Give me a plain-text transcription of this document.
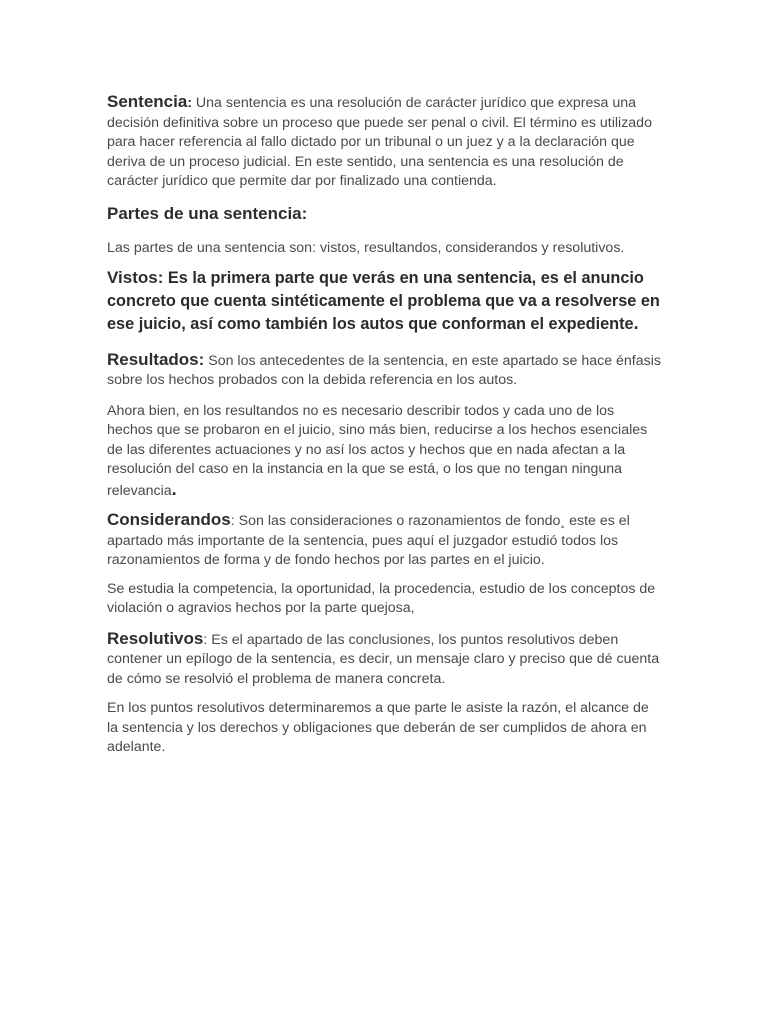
Sentencia: Una sentencia es una resolución de carácter jurídico que expresa una decisión definitiva sobre un proceso que puede ser penal o civil. El término es utilizado para hacer referencia al fallo dictado por un tribunal o un juez y a la declaración que deriva de un proceso judicial. En este sentido, una sentencia es una resolución de carácter jurídico que permite dar por finalizado una contienda.

Partes de una sentencia:

Las partes de una sentencia son: vistos, resultandos, considerandos y resolutivos.

Vistos: Es la primera parte que verás en una sentencia, es el anuncio concreto que cuenta sintéticamente el problema que va a resolverse en ese juicio, así como también los autos que conforman el expediente.

Resultados: Son los antecedentes de la sentencia, en este apartado se hace énfasis sobre los hechos probados con la debida referencia en los autos.

Ahora bien, en los resultandos no es necesario describir todos y cada uno de los hechos que se probaron en el juicio, sino más bien, reducirse a los hechos esenciales de las diferentes actuaciones y no así los actos y hechos que en nada afectan a la resolución del caso en la instancia en la que se está, o los que no tengan ninguna relevancia.

Considerandos: Son las consideraciones o razonamientos de fondo¸ este es el apartado más importante de la sentencia, pues aquí el juzgador estudió todos los razonamientos de forma y de fondo hechos por las partes en el juicio.

Se estudia la competencia, la oportunidad, la procedencia, estudio de los conceptos de violación o agravios hechos por la parte quejosa,

Resolutivos: Es el apartado de las conclusiones, los puntos resolutivos deben contener un epílogo de la sentencia, es decir, un mensaje claro y preciso que dé cuenta de cómo se resolvió el problema de manera concreta.

En los puntos resolutivos determinaremos a que parte le asiste la razón, el alcance de la sentencia y los derechos y obligaciones que deberán de ser cumplidos de ahora en adelante.
